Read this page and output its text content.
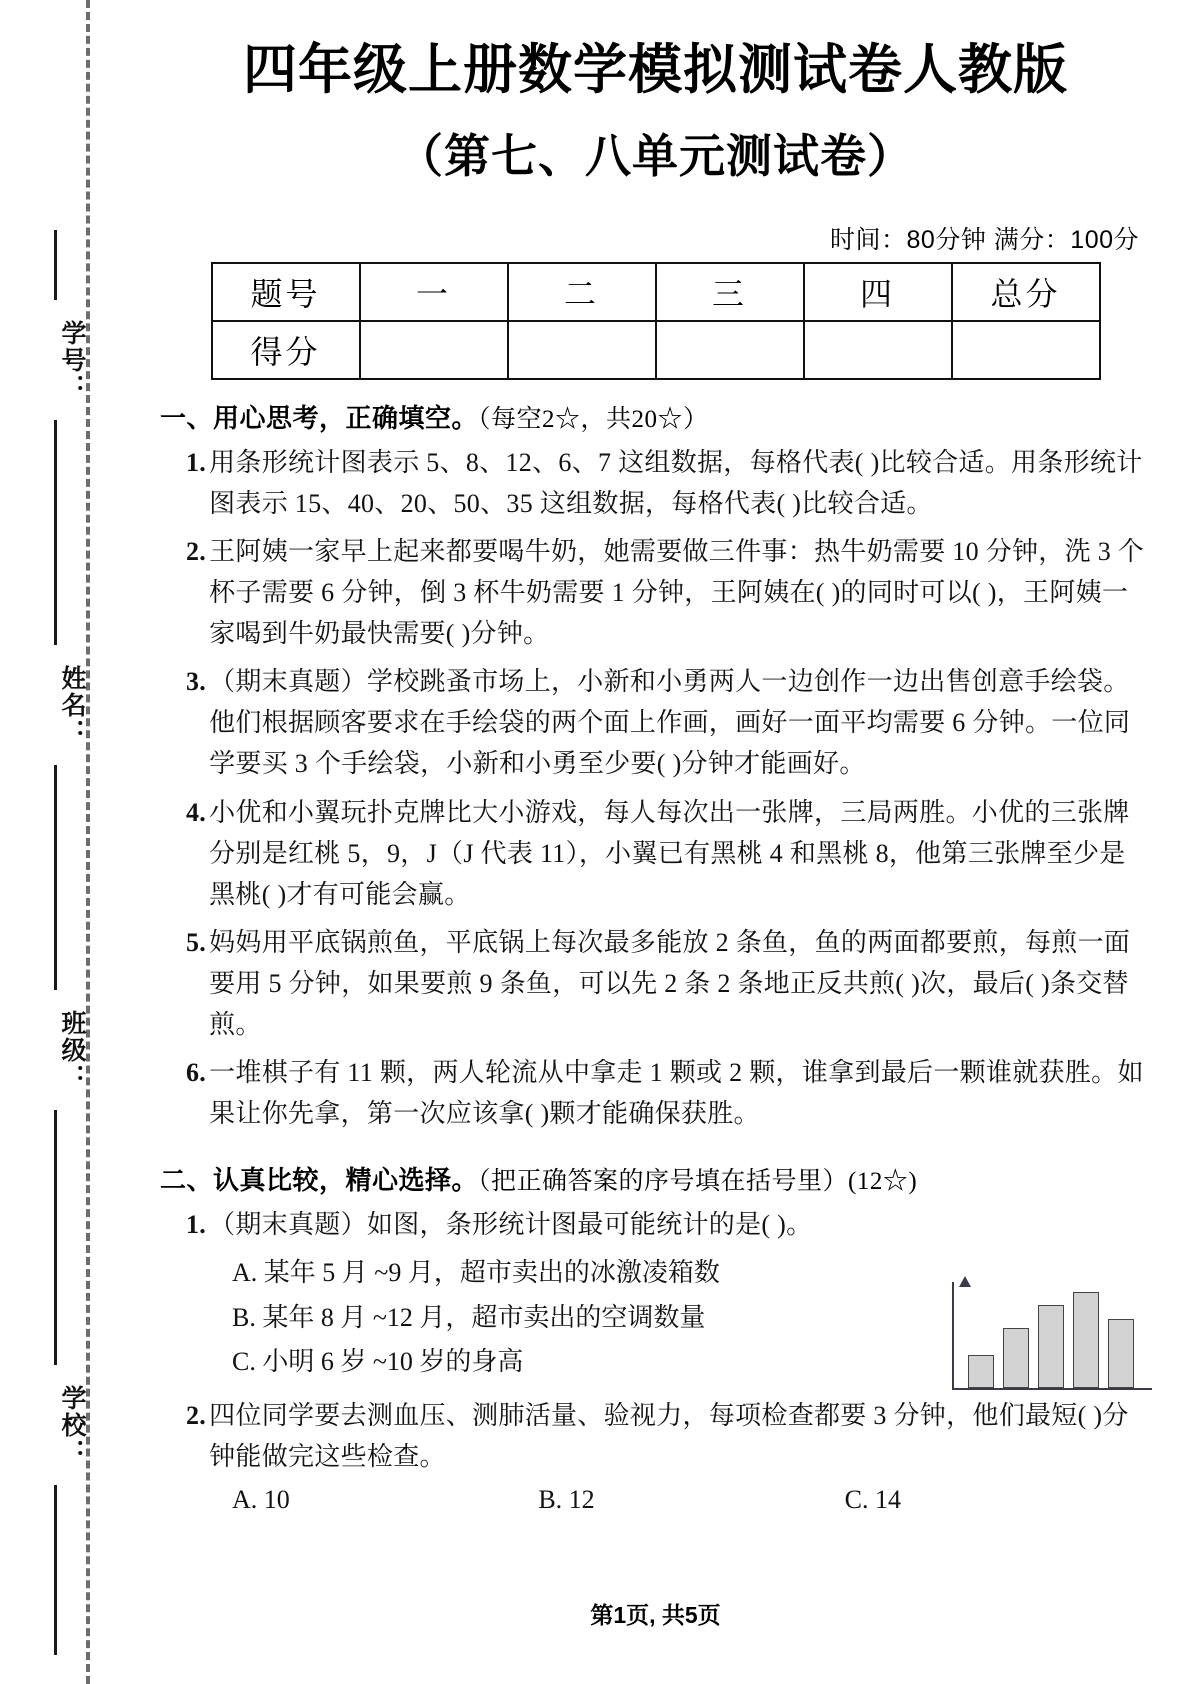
学号：
姓名：
班级：
学校：
四年级上册数学模拟测试卷人教版
（第七、八单元测试卷）
时间：80分钟 满分：100分
题号	一	二	三	四	总分
得分					
一、用心思考，正确填空。（每空2☆，共20☆）
1. 用条形统计图表示 5、8、12、6、7 这组数据，每格代表( )比较合适。用条形统计图表示 15、40、20、50、35 这组数据，每格代表( )比较合适。
2. 王阿姨一家早上起来都要喝牛奶，她需要做三件事：热牛奶需要 10 分钟，洗 3 个杯子需要 6 分钟，倒 3 杯牛奶需要 1 分钟，王阿姨在( )的同时可以( )，王阿姨一家喝到牛奶最快需要( )分钟。
3. （期末真题）学校跳蚤市场上，小新和小勇两人一边创作一边出售创意手绘袋。他们根据顾客要求在手绘袋的两个面上作画，画好一面平均需要 6 分钟。一位同学要买 3 个手绘袋，小新和小勇至少要( )分钟才能画好。
4. 小优和小翼玩扑克牌比大小游戏，每人每次出一张牌，三局两胜。小优的三张牌分别是红桃 5，9，J（J 代表 11），小翼已有黑桃 4 和黑桃 8，他第三张牌至少是黑桃( )才有可能会赢。
5. 妈妈用平底锅煎鱼，平底锅上每次最多能放 2 条鱼，鱼的两面都要煎，每煎一面要用 5 分钟，如果要煎 9 条鱼，可以先 2 条 2 条地正反共煎( )次，最后( )条交替煎。
6. 一堆棋子有 11 颗，两人轮流从中拿走 1 颗或 2 颗，谁拿到最后一颗谁就获胜。如果让你先拿，第一次应该拿( )颗才能确保获胜。
二、认真比较，精心选择。（把正确答案的序号填在括号里）(12☆)
1. （期末真题）如图，条形统计图最可能统计的是( )。
A. 某年 5 月 ~9 月，超市卖出的冰激凌箱数
B. 某年 8 月 ~12 月，超市卖出的空调数量
C. 小明 6 岁 ~10 岁的身高
2. 四位同学要去测血压、测肺活量、验视力，每项检查都要 3 分钟，他们最短( )分钟能做完这些检查。
A. 10	B. 12	C. 14
第1页, 共5页
